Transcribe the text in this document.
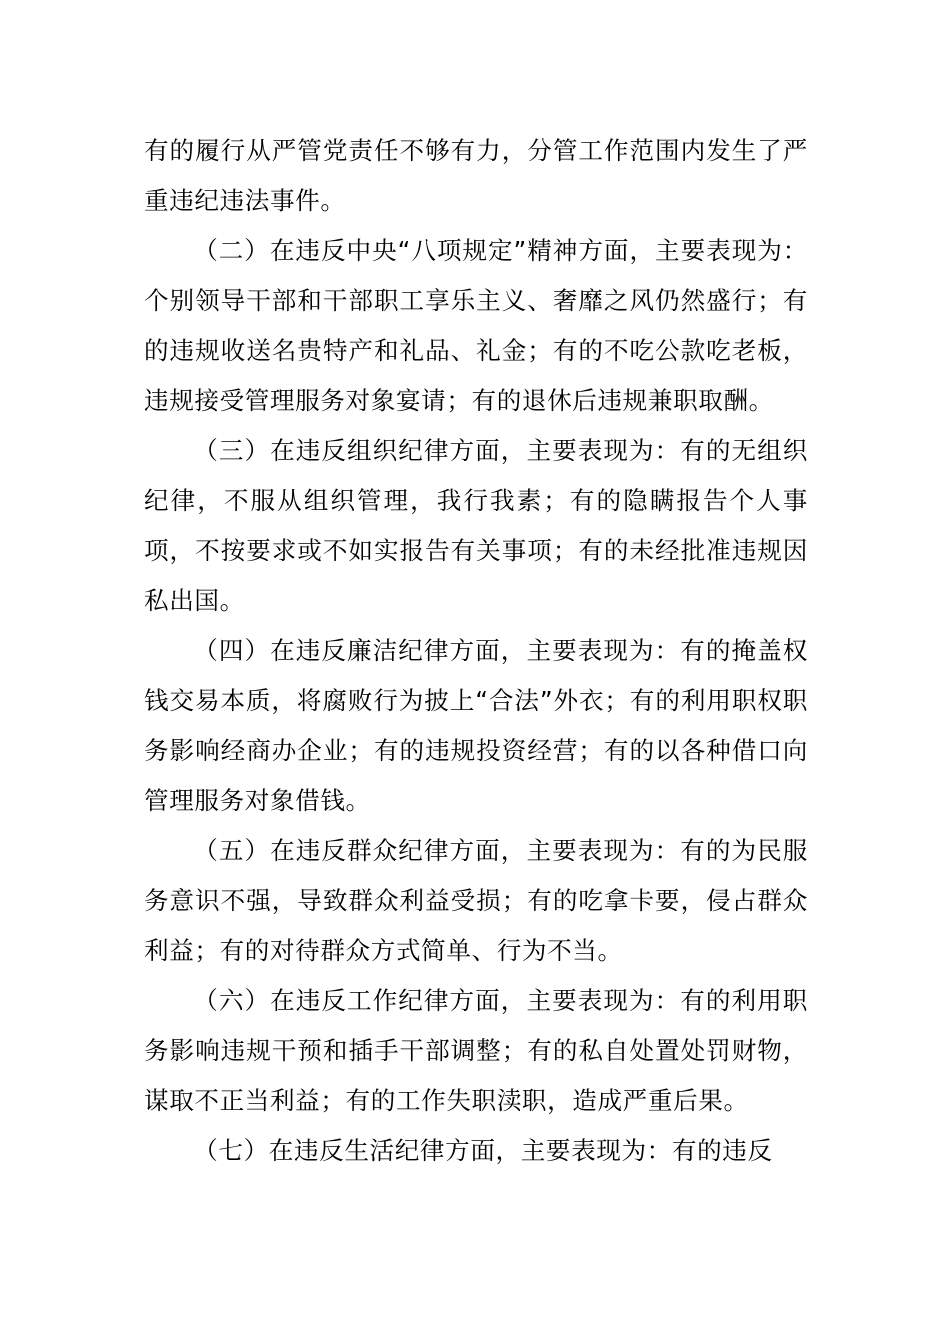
有的履行从严管党责任不够有力，分管工作范围内发生了严重违纪违法事件。

（二）在违反中央“八项规定”精神方面，主要表现为：个别领导干部和干部职工享乐主义、奢靡之风仍然盛行；有的违规收送名贵特产和礼品、礼金；有的不吃公款吃老板，违规接受管理服务对象宴请；有的退休后违规兼职取酬。

（三）在违反组织纪律方面，主要表现为：有的无组织纪律，不服从组织管理，我行我素；有的隐瞒报告个人事项，不按要求或不如实报告有关事项；有的未经批准违规因私出国。

（四）在违反廉洁纪律方面，主要表现为：有的掩盖权钱交易本质，将腐败行为披上“合法”外衣；有的利用职权职务影响经商办企业；有的违规投资经营；有的以各种借口向管理服务对象借钱。

（五）在违反群众纪律方面，主要表现为：有的为民服务意识不强，导致群众利益受损；有的吃拿卡要，侵占群众利益；有的对待群众方式简单、行为不当。

（六）在违反工作纪律方面，主要表现为：有的利用职务影响违规干预和插手干部调整；有的私自处置处罚财物，谋取不正当利益；有的工作失职渎职，造成严重后果。

（七）在违反生活纪律方面，主要表现为：有的违反
